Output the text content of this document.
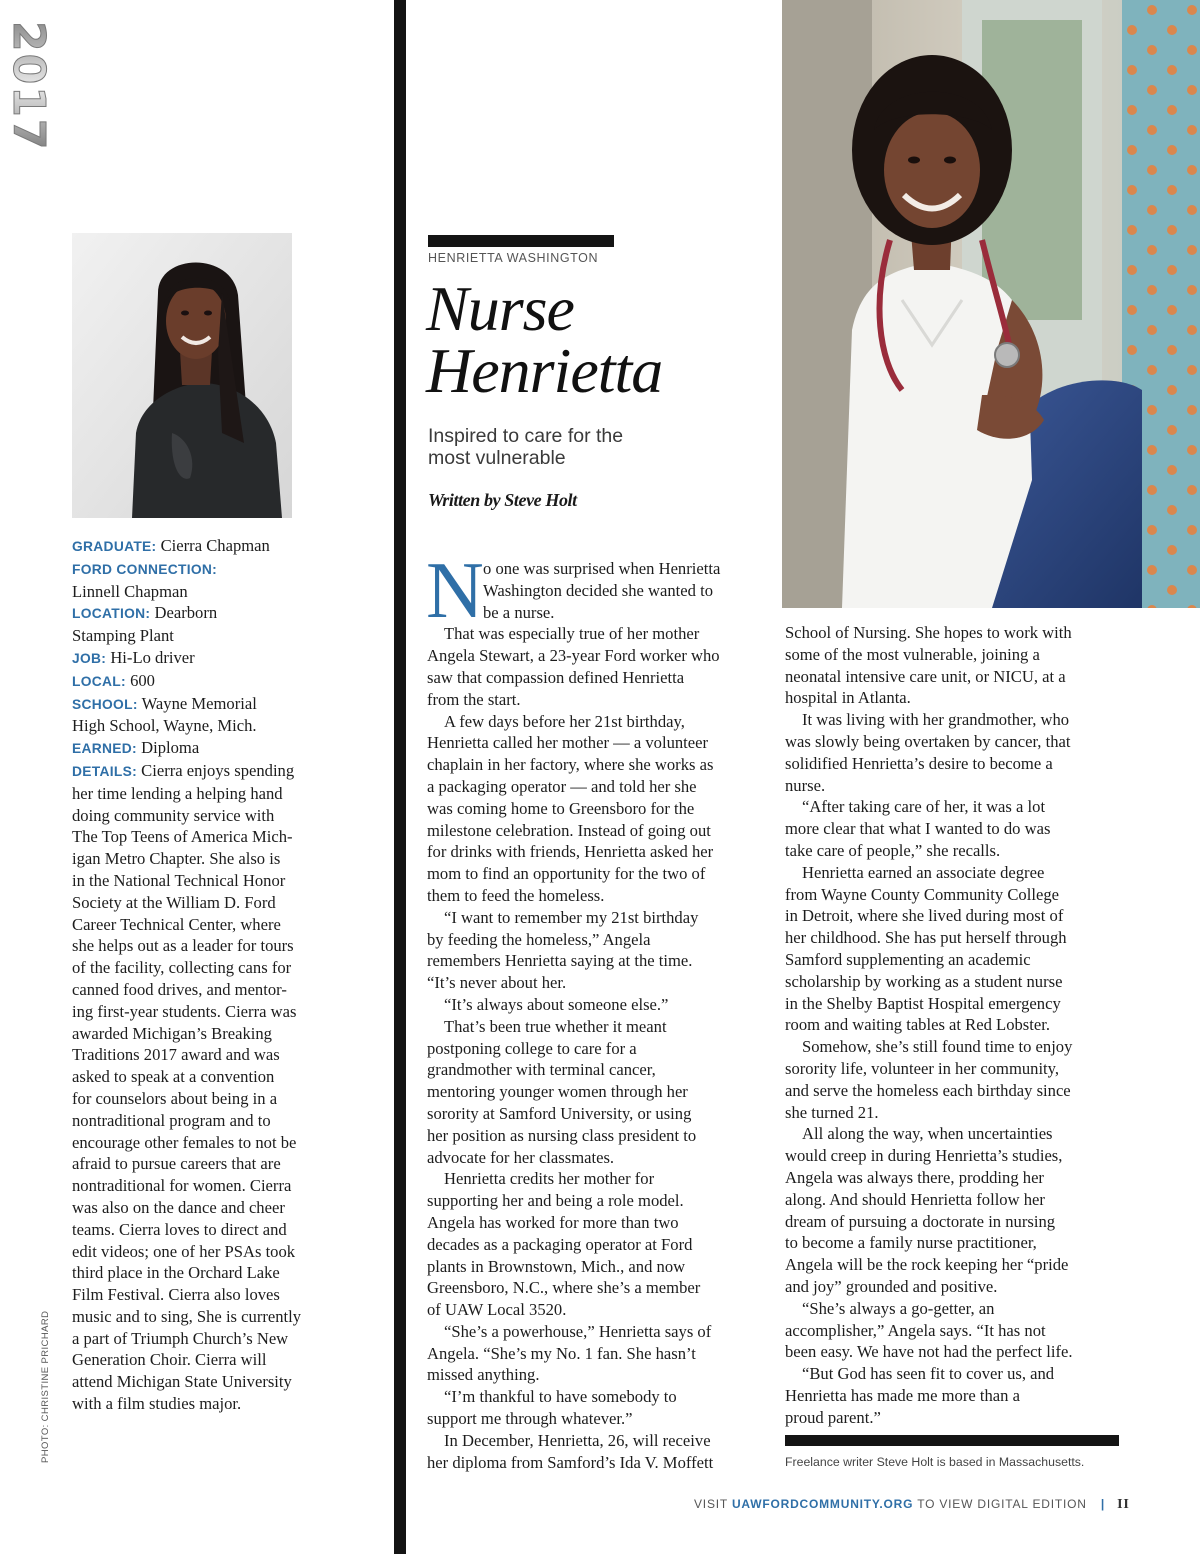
2017
GRADUATE: Cierra Chapman
FORD CONNECTION:
Linnell Chapman
LOCATION: Dearborn
Stamping Plant
JOB: Hi-Lo driver
LOCAL: 600
SCHOOL: Wayne Memorial
High School, Wayne, Mich.
EARNED: Diploma
DETAILS: Cierra enjoys spending
her time lending a helping hand
doing community service with
The Top Teens of America Mich-
igan Metro Chapter. She also is
in the National Technical Honor
Society at the William D. Ford
Career Technical Center, where
she helps out as a leader for tours
of the facility, collecting cans for
canned food drives, and mentor-
ing first-year students. Cierra was
awarded Michigan’s Breaking
Traditions 2017 award and was
asked to speak at a convention
for counselors about being in a
nontraditional program and to
encourage other females to not be
afraid to pursue careers that are
nontraditional for women. Cierra
was also on the dance and cheer
teams. Cierra loves to direct and
edit videos; one of her PSAs took
third place in the Orchard Lake
Film Festival. Cierra also loves
music and to sing, She is currently
a part of Triumph Church’s New
Generation Choir. Cierra will
attend Michigan State University
with a film studies major.
PHOTO: CHRISTINE PRICHARD
HENRIETTA WASHINGTON
Nurse
Henrietta
Inspired to care for the
most vulnerable
Written by Steve Holt
N o one was surprised when Henrietta
Washington decided she wanted to
be a nurse.
That was especially true of her mother
Angela Stewart, a 23-year Ford worker who
saw that compassion defined Henrietta
from the start.
A few days before her 21st birthday,
Henrietta called her mother — a volunteer
chaplain in her factory, where she works as
a packaging operator — and told her she
was coming home to Greensboro for the
milestone celebration. Instead of going out
for drinks with friends, Henrietta asked her
mom to find an opportunity for the two of
them to feed the homeless.
“I want to remember my 21st birthday
by feeding the homeless,” Angela
remembers Henrietta saying at the time.
“It’s never about her.
“It’s always about someone else.”
That’s been true whether it meant
postponing college to care for a
grandmother with terminal cancer,
mentoring younger women through her
sorority at Samford University, or using
her position as nursing class president to
advocate for her classmates.
Henrietta credits her mother for
supporting her and being a role model.
Angela has worked for more than two
decades as a packaging operator at Ford
plants in Brownstown, Mich., and now
Greensboro, N.C., where she’s a member
of UAW Local 3520.
“She’s a powerhouse,” Henrietta says of
Angela. “She’s my No. 1 fan. She hasn’t
missed anything.
“I’m thankful to have somebody to
support me through whatever.”
In December, Henrietta, 26, will receive
her diploma from Samford’s Ida V. Moffett
School of Nursing. She hopes to work with
some of the most vulnerable, joining a
neonatal intensive care unit, or NICU, at a
hospital in Atlanta.
It was living with her grandmother, who
was slowly being overtaken by cancer, that
solidified Henrietta’s desire to become a
nurse.
“After taking care of her, it was a lot
more clear that what I wanted to do was
take care of people,” she recalls.
Henrietta earned an associate degree
from Wayne County Community College
in Detroit, where she lived during most of
her childhood. She has put herself through
Samford supplementing an academic
scholarship by working as a student nurse
in the Shelby Baptist Hospital emergency
room and waiting tables at Red Lobster.
Somehow, she’s still found time to enjoy
sorority life, volunteer in her community,
and serve the homeless each birthday since
she turned 21.
All along the way, when uncertainties
would creep in during Henrietta’s studies,
Angela was always there, prodding her
along. And should Henrietta follow her
dream of pursuing a doctorate in nursing
to become a family nurse practitioner,
Angela will be the rock keeping her “pride
and joy” grounded and positive.
“She’s always a go-getter, an
accomplisher,” Angela says. “It has not
been easy. We have not had the perfect life.
“But God has seen fit to cover us, and
Henrietta has made me more than a
proud parent.”
Freelance writer Steve Holt is based in Massachusetts.
VISIT UAWFORDCOMMUNITY.ORG TO VIEW DIGITAL EDITION | II
